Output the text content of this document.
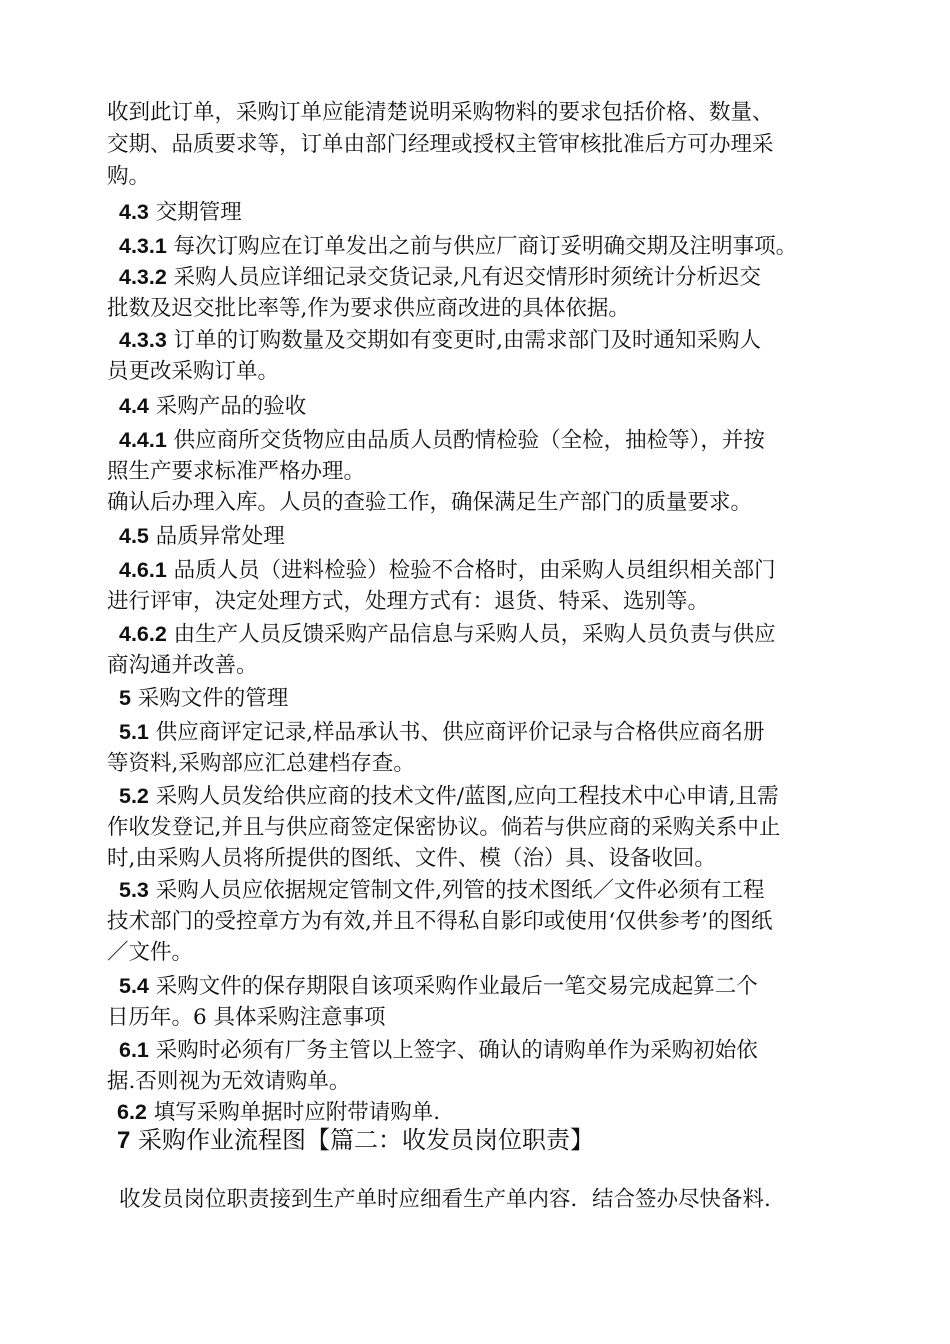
收到此订单，采购订单应能清楚说明采购物料的要求包括价格、数量、
交期、品质要求等，订单由部门经理或授权主管审核批准后方可办理采
购。
4.3 交期管理
4.3.1 每次订购应在订单发出之前与供应厂商订妥明确交期及注明事项。
4.3.2 采购人员应详细记录交货记录,凡有迟交情形时须统计分析迟交
批数及迟交批比率等,作为要求供应商改进的具体依据。
4.3.3 订单的订购数量及交期如有变更时,由需求部门及时通知采购人
员更改采购订单。
4.4 采购产品的验收
4.4.1 供应商所交货物应由品质人员酌情检验（全检，抽检等），并按
照生产要求标准严格办理。
确认后办理入库。人员的查验工作，确保满足生产部门的质量要求。
4.5 品质异常处理
4.6.1 品质人员（进料检验）检验不合格时，由采购人员组织相关部门
进行评审，决定处理方式，处理方式有：退货、特采、选别等。
4.6.2 由生产人员反馈采购产品信息与采购人员，采购人员负责与供应
商沟通并改善。
5 采购文件的管理
5.1 供应商评定记录,样品承认书、供应商评价记录与合格供应商名册
等资料,采购部应汇总建档存查。
5.2 采购人员发给供应商的技术文件/蓝图,应向工程技术中心申请,且需
作收发登记,并且与供应商签定保密协议。倘若与供应商的采购关系中止
时,由采购人员将所提供的图纸、文件、模（治）具、设备收回。
5.3 采购人员应依据规定管制文件,列管的技术图纸／文件必须有工程
技术部门的受控章方为有效,并且不得私自影印或使用‘仅供参考’的图纸
／文件。
5.4 采购文件的保存期限自该项采购作业最后一笔交易完成起算二个
日历年。6 具体采购注意事项
6.1 采购时必须有厂务主管以上签字、确认的请购单作为采购初始依
据.否则视为无效请购单。
6.2 填写采购单据时应附带请购单.
7 采购作业流程图【篇二：收发员岗位职责】
收发员岗位职责接到生产单时应细看生产单内容．结合签办尽快备料.
